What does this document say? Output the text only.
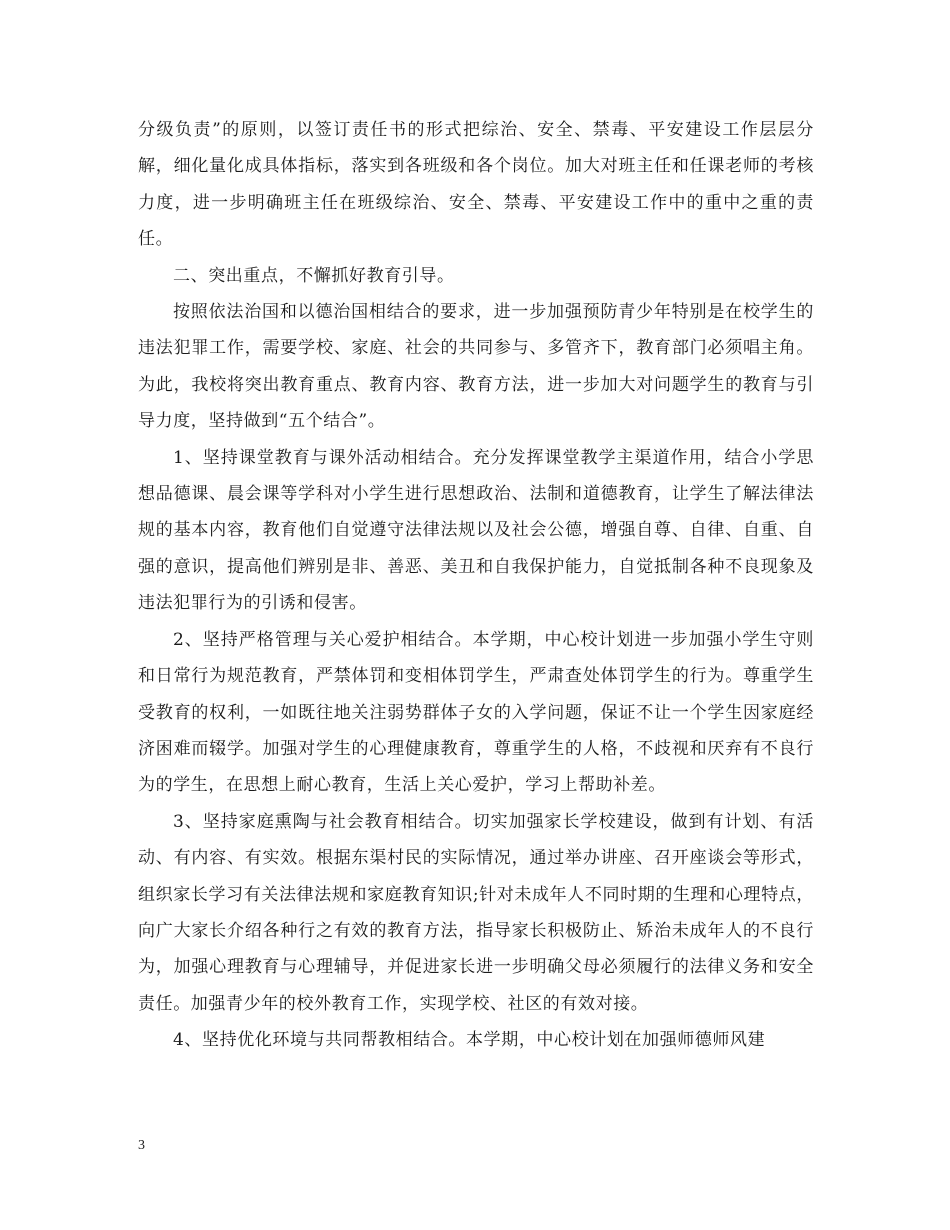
分级负责”的原则，以签订责任书的形式把综治、安全、禁毒、平安建设工作层层分解，细化量化成具体指标，落实到各班级和各个岗位。加大对班主任和任课老师的考核力度，进一步明确班主任在班级综治、安全、禁毒、平安建设工作中的重中之重的责任。

二、突出重点，不懈抓好教育引导。

按照依法治国和以德治国相结合的要求，进一步加强预防青少年特别是在校学生的违法犯罪工作，需要学校、家庭、社会的共同参与、多管齐下，教育部门必须唱主角。为此，我校将突出教育重点、教育内容、教育方法，进一步加大对问题学生的教育与引导力度，坚持做到“五个结合”。

1、坚持课堂教育与课外活动相结合。充分发挥课堂教学主渠道作用，结合小学思想品德课、晨会课等学科对小学生进行思想政治、法制和道德教育，让学生了解法律法规的基本内容，教育他们自觉遵守法律法规以及社会公德，增强自尊、自律、自重、自强的意识，提高他们辨别是非、善恶、美丑和自我保护能力，自觉抵制各种不良现象及违法犯罪行为的引诱和侵害。

2、坚持严格管理与关心爱护相结合。本学期，中心校计划进一步加强小学生守则和日常行为规范教育，严禁体罚和变相体罚学生，严肃查处体罚学生的行为。尊重学生受教育的权利，一如既往地关注弱势群体子女的入学问题，保证不让一个学生因家庭经济困难而辍学。加强对学生的心理健康教育，尊重学生的人格，不歧视和厌弃有不良行为的学生，在思想上耐心教育，生活上关心爱护，学习上帮助补差。

3、坚持家庭熏陶与社会教育相结合。切实加强家长学校建设，做到有计划、有活动、有内容、有实效。根据东渠村民的实际情况，通过举办讲座、召开座谈会等形式，组织家长学习有关法律法规和家庭教育知识;针对未成年人不同时期的生理和心理特点，向广大家长介绍各种行之有效的教育方法，指导家长积极防止、矫治未成年人的不良行为，加强心理教育与心理辅导，并促进家长进一步明确父母必须履行的法律义务和安全责任。加强青少年的校外教育工作，实现学校、社区的有效对接。

4、坚持优化环境与共同帮教相结合。本学期，中心校计划在加强师德师风建

3
